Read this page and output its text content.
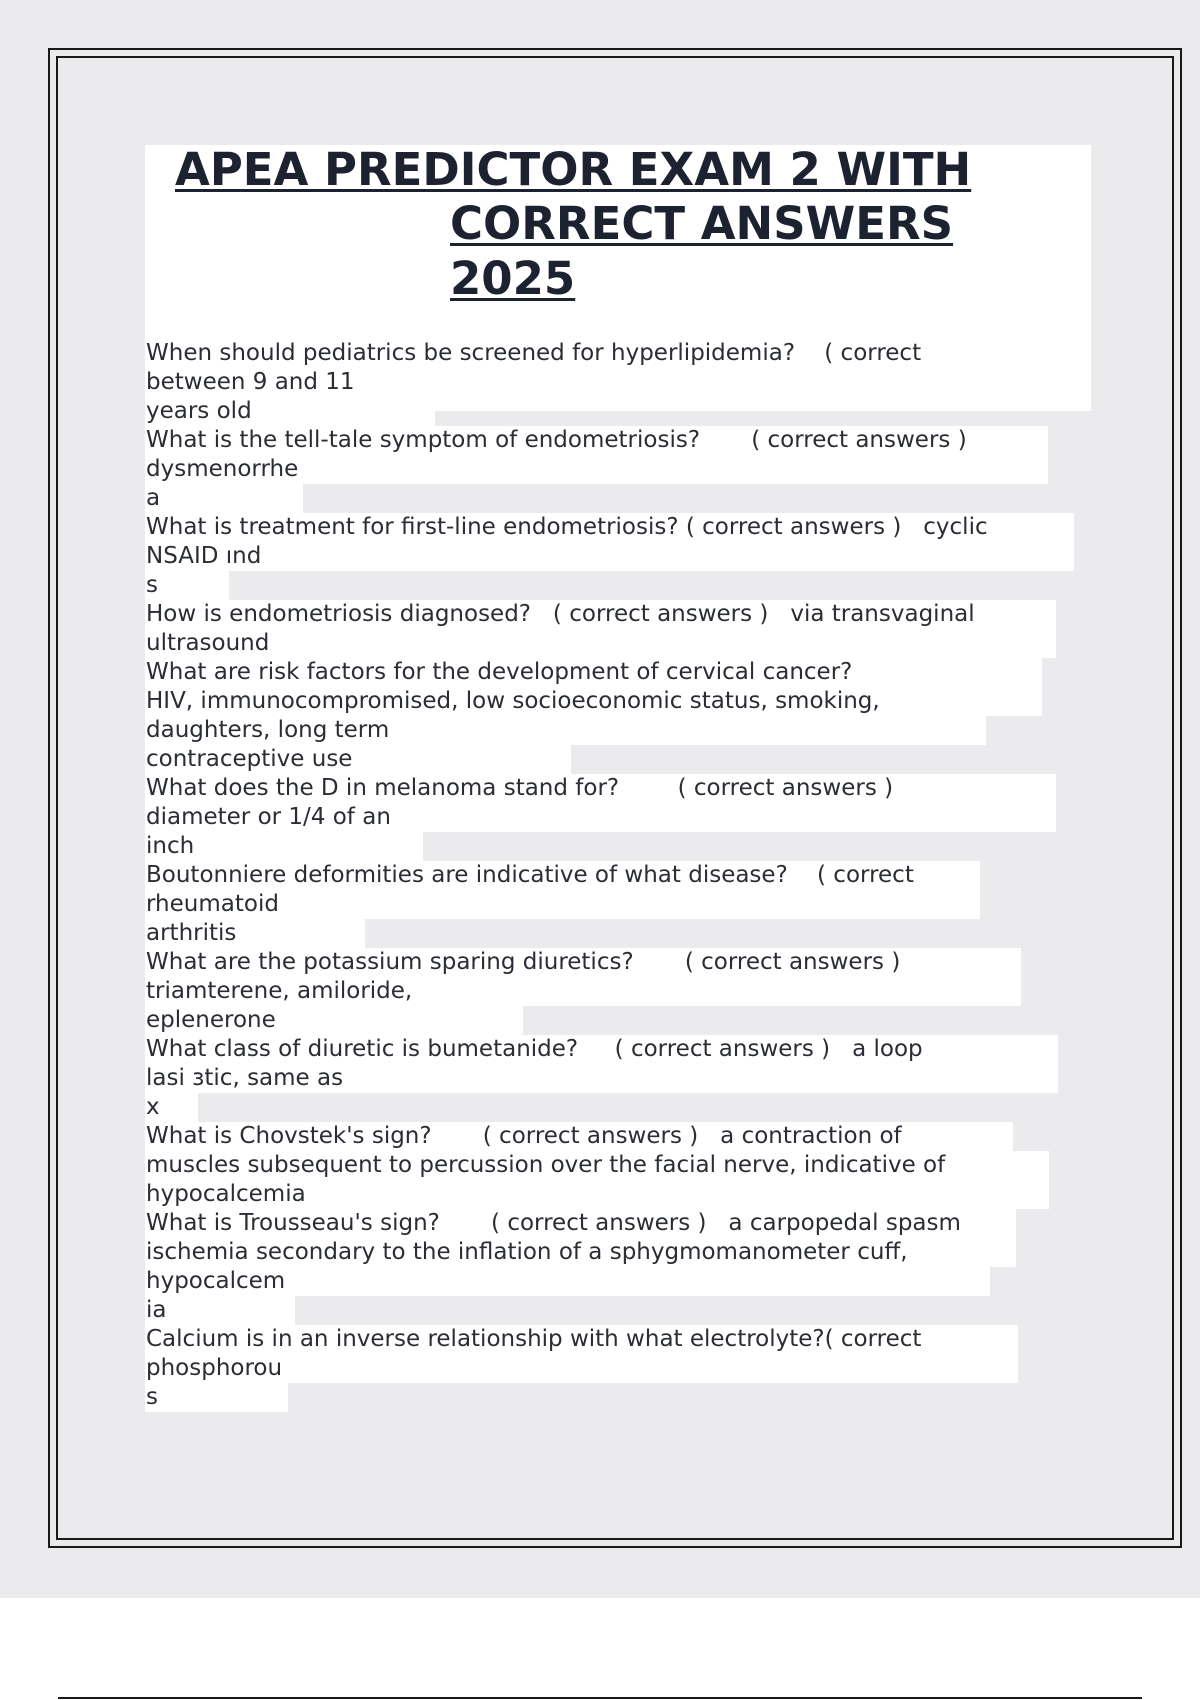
APEA PREDICTOR EXAM 2 WITH
CORRECT ANSWERS
2025
When should pediatrics be screened for hyperlipidemia?    ( correct
between 9 and 11
years old
What is the tell-tale symptom of endometriosis?       ( correct answers )
dysmenorrhe
a
What is treatment for first-line endometriosis? ( correct answers )   cyclic
NSAID ınd
s
How is endometriosis diagnosed?   ( correct answers )   via transvaginal
ultrasound
What are risk factors for the development of cervical cancer?
HIV, immunocompromised, low socioeconomic status, smoking,
daughters, long term
contraceptive use
What does the D in melanoma stand for?        ( correct answers )
diameter or 1/4 of an
inch
Boutonniere deformities are indicative of what disease?    ( correct
rheumatoid
arthritis
What are the potassium sparing diuretics?       ( correct answers )
triamterene, amiloride,
eplenerone
What class of diuretic is bumetanide?     ( correct answers )   a loop
lasi ɜtic, same as
x
What is Chovstek's sign?       ( correct answers )   a contraction of
muscles subsequent to percussion over the facial nerve, indicative of
hypocalcemia
What is Trousseau's sign?       ( correct answers )   a carpopedal spasm
ischemia secondary to the inflation of a sphygmomanometer cuff,
hypocalcem
ia
Calcium is in an inverse relationship with what electrolyte?( correct
phosphorou
s
